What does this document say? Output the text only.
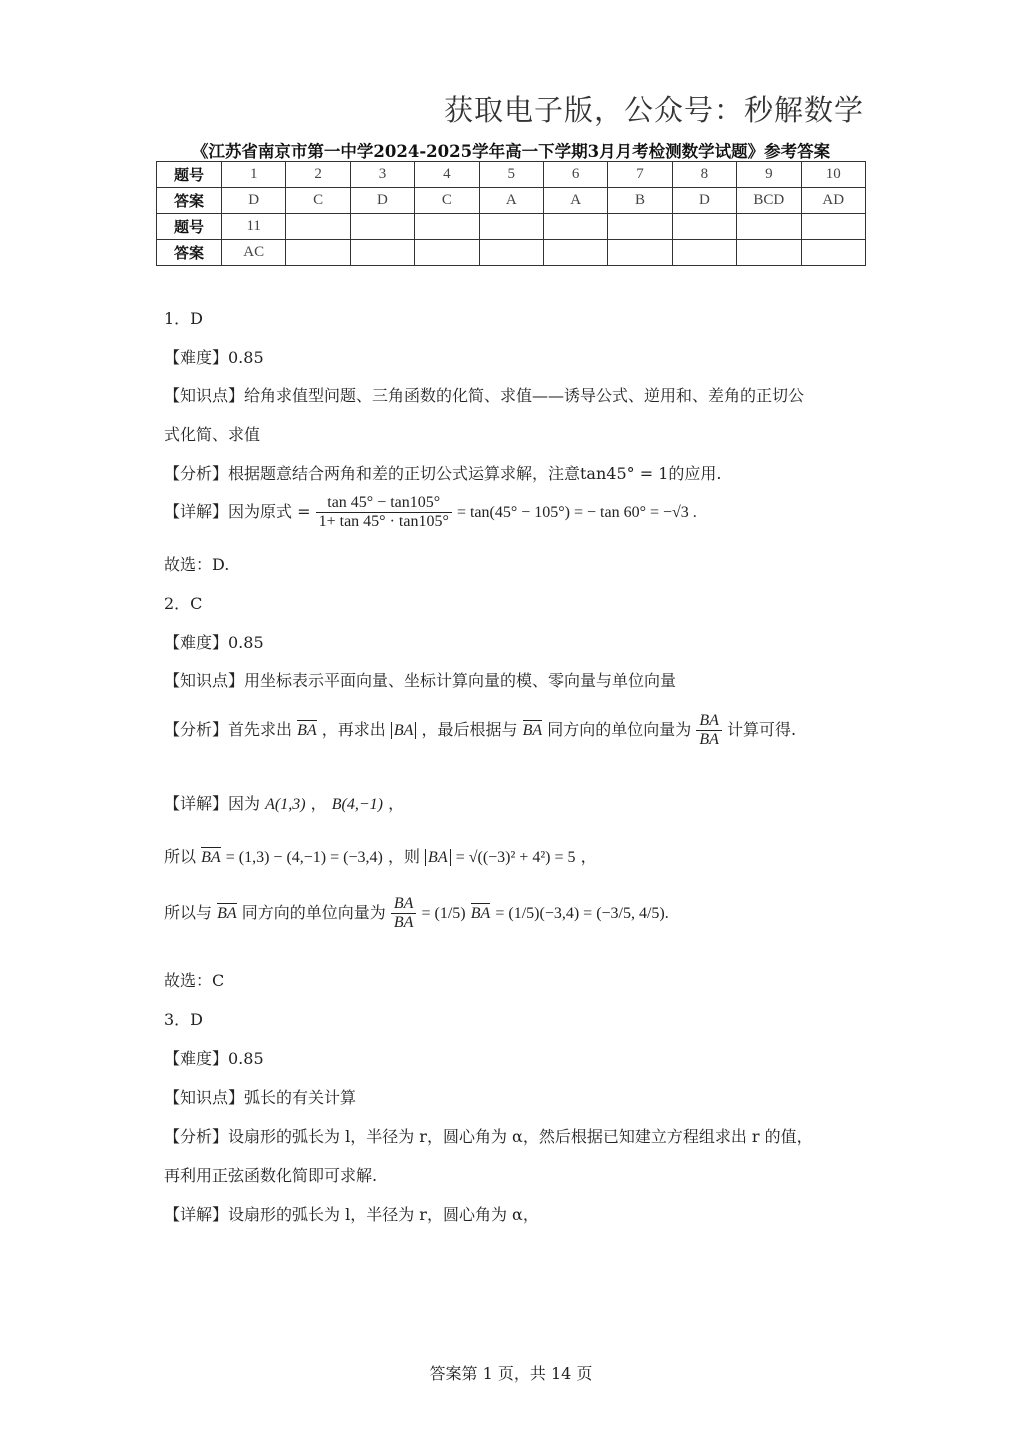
获取电子版，公众号：秒解数学
《江苏省南京市第一中学2024-2025学年高一下学期3月月考检测数学试题》参考答案
题号	1	2	3	4	5	6	7	8	9	10
答案	D	C	D	C	A	A	B	D	BCD	AD
题号	11									
答案	AC									
1．D
【难度】0.85
【知识点】给角求值型问题、三角函数的化简、求值——诱导公式、逆用和、差角的正切公
式化简、求值
【分析】根据题意结合两角和差的正切公式运算求解，注意tan45° = 1的应用.
【详解】因为原式 = $\frac{\tan 45^\circ - \tan 105^\circ}{1+ \tan 45^\circ \cdot \tan 105^\circ} = \tan(45^\circ - 105^\circ)$ = − tan 60° = −√3 .
故选：D.
2．C
【难度】0.85
【知识点】用坐标表示平面向量、坐标计算向量的模、零向量与单位向量
【分析】首先求出 BA ，再求出 BA ，最后根据与 BA 同方向的单位向量为 $\frac{BA}{BA}$ 计算可得.
【详解】因为 A(1,3) ， B(4,−1) ，
所以 BA = (1,3) − (4,−1) = (−3,4) ，则 BA = √((−3)² + 4²) = 5 ，
所以与 BA 同方向的单位向量为 $\frac{BA}{BA} = (1/5)$ BA = (1/5)(−3,4) = (−3/5, 4/5).
故选：C
3．D
【难度】0.85
【知识点】弧长的有关计算
【分析】设扇形的弧长为 l，半径为 r，圆心角为 α，然后根据已知建立方程组求出 r 的值，
再利用正弦函数化简即可求解.
【详解】设扇形的弧长为 l，半径为 r，圆心角为 α，
答案第 1 页，共 14 页
